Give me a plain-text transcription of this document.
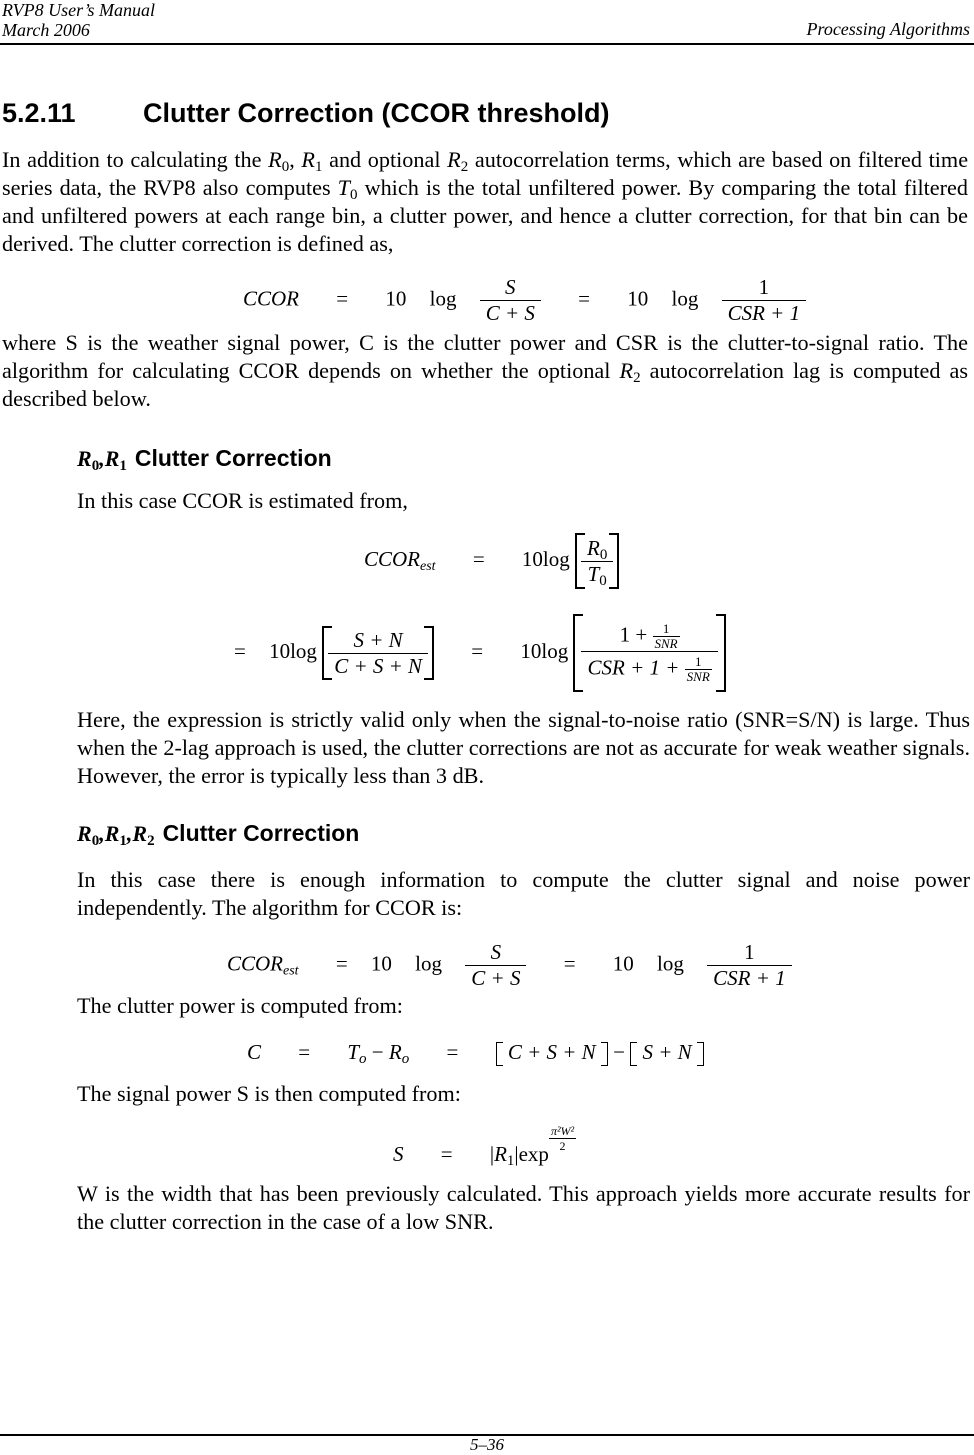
RVP8 User’s Manual
March 2006	Processing Algorithms
5.2.11 Clutter Correction (CCOR threshold)

In addition to calculating the $R_0$, $R_1$ and optional $R_2$ autocorrelation terms, which are based on filtered time series data, the RVP8 also computes $T_0$ which is the total unfiltered power. By comparing the total filtered and unfiltered powers at each range bin, a clutter power, and hence a clutter correction, for that bin can be derived. The clutter correction is defined as,

CCOR = 10 $\log \frac{S}{C + S} = 10$ $\log \frac{1}{\text{CSR + 1}}$

where S is the weather signal power, C is the clutter power and CSR is the clutter-to-signal ratio. The algorithm for calculating CCOR depends on whether the optional $R_2$ autocorrelation lag is computed as described below.

$R_0,R_1$ Clutter Correction

In this case CCOR is estimated from,

$CCOR_{est} = 10\log \frac{R_0}{T_0}$
= $10\log \frac{S + N}{C + S + N} = 10\log \frac{1 + \frac{1}{\text{SNR}}}{CSR + 1 + \frac{1}{\text{SNR}}}$

Here, the expression is strictly valid only when the signal-to-noise ratio (SNR=S/N) is large. Thus when the 2-lag approach is used, the clutter corrections are not as accurate for weak weather signals. However, the error is typically less than 3 dB.

$R_0,R_1,R_2$ Clutter Correction

In this case there is enough information to compute the clutter signal and noise power independently. The algorithm for CCOR is:

$CCOR_{est} = 10$ $\log \frac{S}{C + S} = 10$ $\log \frac{1}{\text{CSR + 1}}$

The clutter power is computed from:

$C = T_o - R_o = C + S + N - S + N$

The signal power S is then computed from:

$S = |R_1|\exp$
$\frac{\text{π²W²}}{2}$

W is the width that has been previously calculated. This approach yields more accurate results for the clutter correction in the case of a low SNR.

5–36
